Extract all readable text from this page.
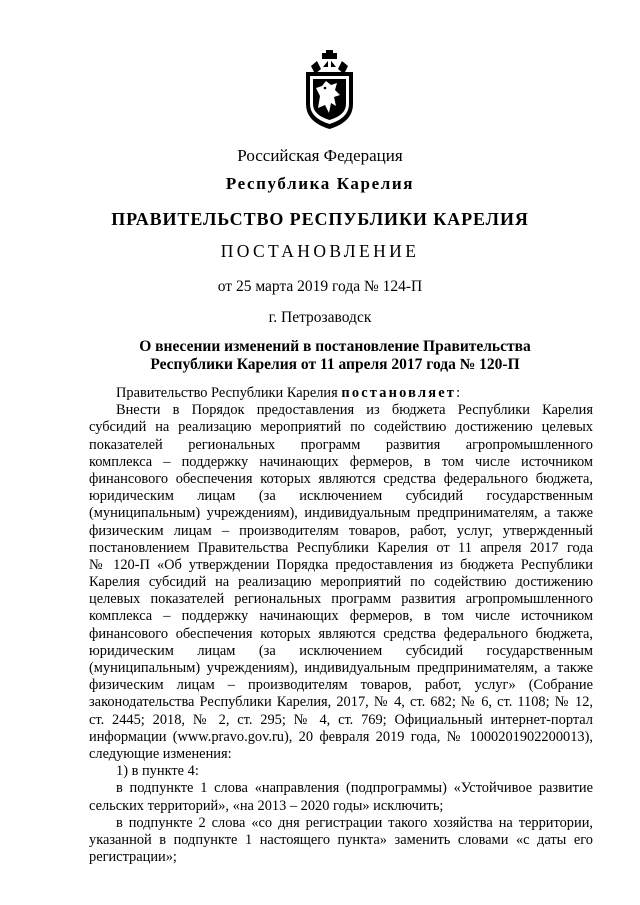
Российская Федерация
Республика Карелия
ПРАВИТЕЛЬСТВО РЕСПУБЛИКИ КАРЕЛИЯ
ПОСТАНОВЛЕНИЕ
от 25 марта 2019 года № 124-П
г. Петрозаводск
О внесении изменений в постановление Правительства
Республики Карелия от 11 апреля 2017 года № 120-П
Правительство Республики Карелия постановляет:
Внести в Порядок предоставления из бюджета Республики Карелия
субсидий на реализацию мероприятий по содействию достижению целевых
показателей региональных программ развития агропромышленного
комплекса – поддержку начинающих фермеров, в том числе источником
финансового обеспечения которых являются средства федерального бюджета,
юридическим лицам (за исключением субсидий государственным
(муниципальным) учреждениям), индивидуальным предпринимателям, а также
физическим лицам – производителям товаров, работ, услуг, утвержденный
постановлением Правительства Республики Карелия от 11 апреля 2017 года
№ 120-П «Об утверждении Порядка предоставления из бюджета Республики
Карелия субсидий на реализацию мероприятий по содействию достижению
целевых показателей региональных программ развития агропромышленного
комплекса – поддержку начинающих фермеров, в том числе источником
финансового обеспечения которых являются средства федерального бюджета,
юридическим лицам (за исключением субсидий государственным
(муниципальным) учреждениям), индивидуальным предпринимателям, а также
физическим лицам – производителям товаров, работ, услуг» (Собрание
законодательства Республики Карелия, 2017, № 4, ст. 682; № 6, ст. 1108; № 12,
ст. 2445; 2018, № 2, ст. 295; № 4, ст. 769; Официальный интернет-портал
информации (www.pravo.gov.ru), 20 февраля 2019 года, № 1000201902200013),
следующие изменения:
1) в пункте 4:
в подпункте 1 слова «направления (подпрограммы) «Устойчивое развитие
сельских территорий», «на 2013 – 2020 годы» исключить;
в подпункте 2 слова «со дня регистрации такого хозяйства на территории,
указанной в подпункте 1 настоящего пункта» заменить словами «с даты его
регистрации»;
